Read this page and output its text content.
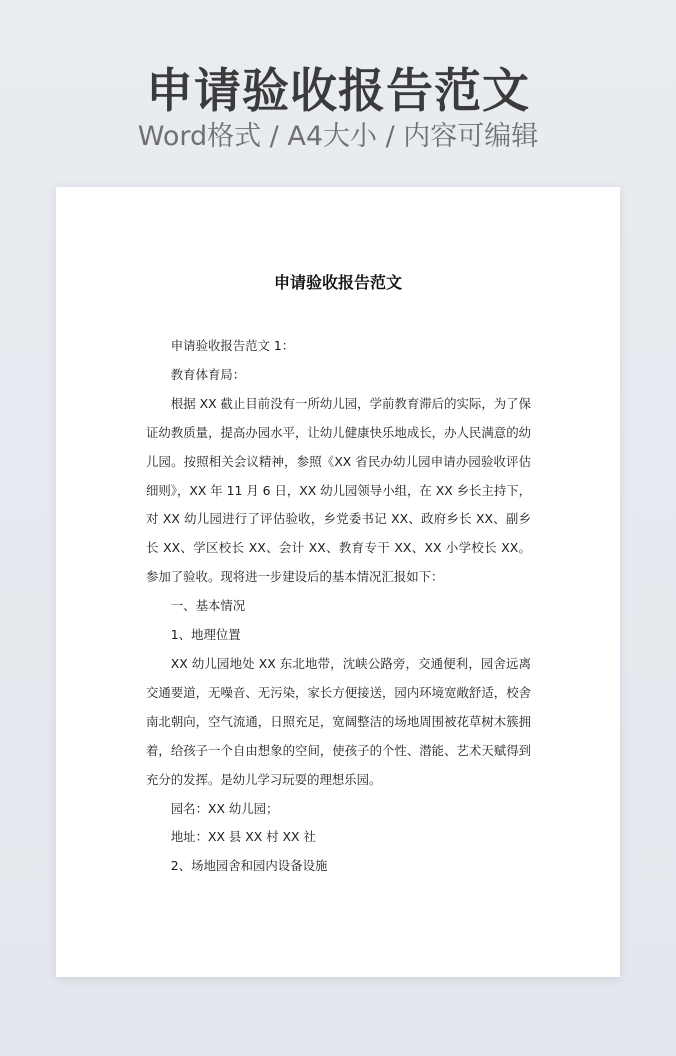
申请验收报告范文
Word格式 / A4大小 / 内容可编辑
申请验收报告范文

申请验收报告范文 1：

教育体育局：

根据 XX 截止目前没有一所幼儿园，学前教育滞后的实际，为了保证幼教质量，提高办园水平，让幼儿健康快乐地成长，办人民满意的幼儿园。按照相关会议精神，参照《XX 省民办幼儿园申请办园验收评估细则》，XX 年 11 月 6 日，XX 幼儿园领导小组，在 XX 乡长主持下，对 XX 幼儿园进行了评估验收，乡党委书记 XX、政府乡长 XX、副乡长 XX、学区校长 XX、会计 XX、教育专干 XX、XX 小学校长 XX。参加了验收。现将进一步建设后的基本情况汇报如下：

一、基本情况

1、地理位置

XX 幼儿园地处 XX 东北地带，沈峡公路旁，交通便利，园舍远离交通要道，无噪音、无污染，家长方便接送，园内环境宽敞舒适，校舍南北朝向，空气流通，日照充足，宽阔整洁的场地周围被花草树木簇拥着，给孩子一个自由想象的空间，使孩子的个性、潜能、艺术天赋得到充分的发挥。是幼儿学习玩耍的理想乐园。

园名：XX 幼儿园；

地址：XX 县 XX 村 XX 社

2、场地园舍和园内设备设施
